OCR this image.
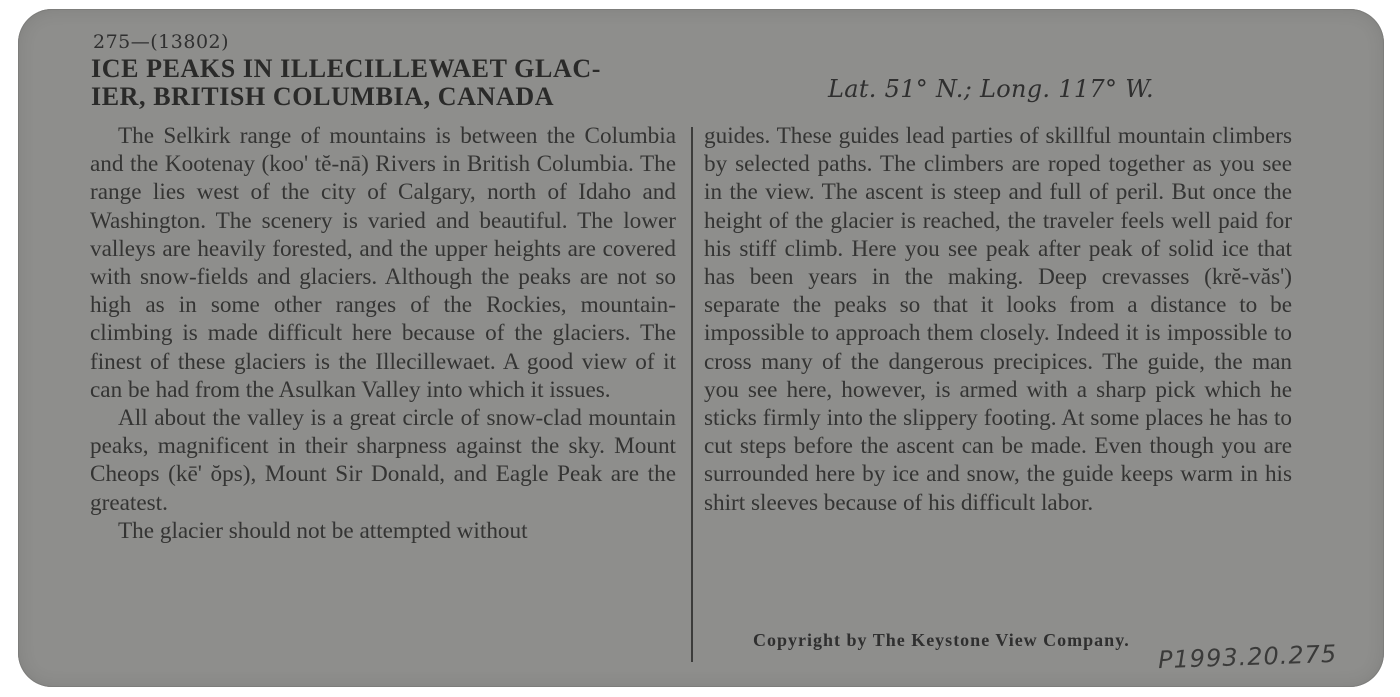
275—(13802)
ICE PEAKS IN ILLECILLEWAET GLAC-
IER, BRITISH COLUMBIA, CANADA	Lat. 51° N.; Long. 117° W.

The Selkirk range of mountains is between the Columbia and the Kootenay (koo' tĕ-nā) Rivers in British Columbia. The range lies west of the city of Calgary, north of Idaho and Washington. The scenery is varied and beautiful. The lower valleys are heavily forested, and the upper heights are covered with snow-fields and glaciers. Although the peaks are not so high as in some other ranges of the Rockies, mountain-climbing is made difficult here because of the glaciers. The finest of these glaciers is the Illecillewaet. A good view of it can be had from the Asulkan Valley into which it issues.

All about the valley is a great circle of snow-clad mountain peaks, magnificent in their sharpness against the sky. Mount Cheops (kē' ŏps), Mount Sir Donald, and Eagle Peak are the greatest.

The glacier should not be attempted without

guides. These guides lead parties of skillful mountain climbers by selected paths. The climbers are roped together as you see in the view. The ascent is steep and full of peril. But once the height of the glacier is reached, the traveler feels well paid for his stiff climb. Here you see peak after peak of solid ice that has been years in the making. Deep crevasses (krĕ-văs') separate the peaks so that it looks from a distance to be impossible to approach them closely. Indeed it is impossible to cross many of the dangerous precipices. The guide, the man you see here, however, is armed with a sharp pick which he sticks firmly into the slippery footing. At some places he has to cut steps before the ascent can be made. Even though you are surrounded here by ice and snow, the guide keeps warm in his shirt sleeves because of his difficult labor.

Copyright by The Keystone View Company. P1993.20.275
